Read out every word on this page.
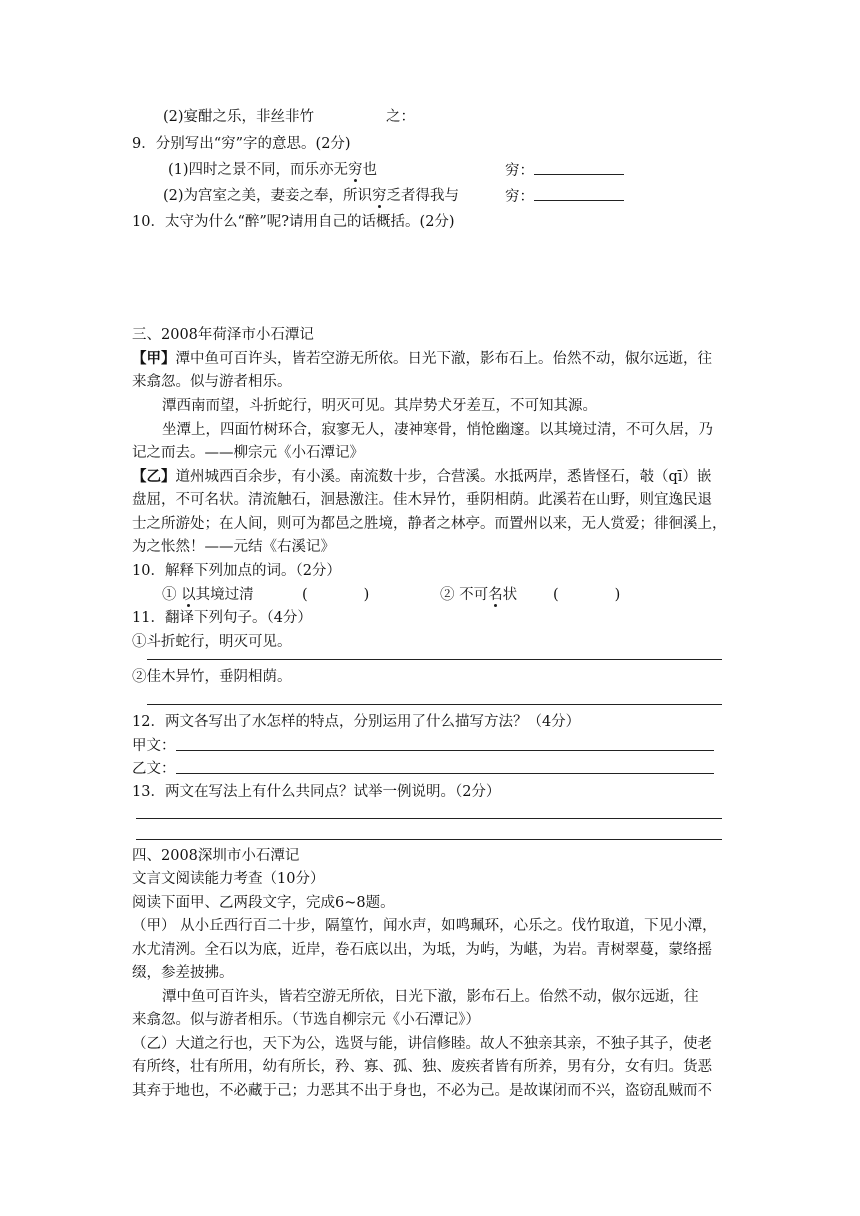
(2)宴酣之乐，非丝非竹	之：
9．分别写出“穷”字的意思。(2分)
(1)四时之景不同，而乐亦无穷也	穷：
(2)为宫室之美，妻妾之奉，所识穷乏者得我与	穷：
10．太守为什么“醉”呢?请用自己的话概括。(2分)
三、2008年荷泽市小石潭记
【甲】潭中鱼可百许头，皆若空游无所依。日光下澈，影布石上。佁然不动，俶尔远逝，往
来翕忽。似与游者相乐。
潭西南而望，斗折蛇行，明灭可见。其岸势犬牙差互，不可知其源。
坐潭上，四面竹树环合，寂寥无人，凄神寒骨，悄怆幽邃。以其境过清，不可久居，乃
记之而去。——柳宗元《小石潭记》
【乙】道州城西百余步，有小溪。南流数十步，合营溪。水抵两岸，悉皆怪石，攲（qī）嵌
盘屈，不可名状。清流触石，洄悬激注。佳木异竹，垂阴相荫。此溪若在山野，则宜逸民退
士之所游处；在人间，则可为都邑之胜境，静者之林亭。而置州以来，无人赏爱；徘徊溪上，
为之怅然！——元结《右溪记》
10．解释下列加点的词。（2分）
① 以其境过清	(	)	② 不可名状 (	)
11．翻译下列句子。（4分）
①斗折蛇行，明灭可见。
②佳木异竹，垂阴相荫。
12．两文各写出了水怎样的特点，分别运用了什么描写方法？（4分）
甲文：
乙文：
13．两文在写法上有什么共同点？试举一例说明。（2分）
四、2008深圳市小石潭记
文言文阅读能力考查（10分）
阅读下面甲、乙两段文字，完成6~8题。
（甲） 从小丘西行百二十步，隔篁竹，闻水声，如鸣珮环，心乐之。伐竹取道，下见小潭，
水尤清洌。全石以为底，近岸，卷石底以出，为坻，为屿，为嵁，为岩。青树翠蔓，蒙络摇
缀，参差披拂。
潭中鱼可百许头，皆若空游无所依，日光下澈，影布石上。佁然不动，俶尔远逝，往
来翕忽。似与游者相乐。（节选自柳宗元《小石潭记》）
（乙）大道之行也，天下为公，选贤与能，讲信修睦。故人不独亲其亲，不独子其子，使老
有所终，壮有所用，幼有所长，矜、寡、孤、独、废疾者皆有所养，男有分，女有归。货恶
其弃于地也，不必藏于己；力恶其不出于身也，不必为己。是故谋闭而不兴，盗窃乱贼而不
